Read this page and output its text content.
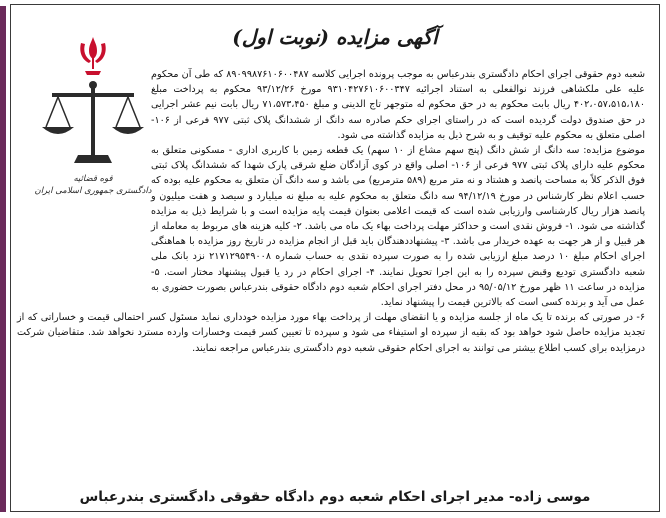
آگهی مزایده (نوبت اول)
قوه قضائیه
دادگستری جمهوری اسلامی ایران

شعبه دوم حقوقی اجرای احکام دادگستری بندرعباس به موجب پرونده اجرایی کلاسه ۸۹۰۹۹۸۷۶۱۰۶۰۰۴۸۷ که طی آن محکوم علیه علی ملکشاهی فرزند نوالفعلی به استناد اجرائیه ۹۳۱۰۴۲۷۶۱۰۶۰۰۳۴۷ مورخ ۹۳/۱۲/۲۶ محکوم به پرداخت مبلغ ۴۰۲،۰۵۷،۵۱۵،۱۸۰ ریال بابت محکوم به در حق محکوم له متوجهر تاج الدینی و مبلغ ۷۱،۵۷۳،۴۵۰ ریال بابت نیم عشر اجرایی در حق صندوق دولت گردیده است که در راستای اجرای حکم صادره سه دانگ از ششدانگ پلاک ثبتی ۹۷۷ فرعی از ۱۰۶- اصلی متعلق به محکوم علیه توقیف و به شرح ذیل به مزایده گذاشته می شود.

موضوع مزایده: سه دانگ از شش دانگ (پنج سهم مشاع از ۱۰ سهم) یک قطعه زمین با کاربری اداری - مسکونی متعلق به محکوم علیه دارای پلاک ثبتی ۹۷۷ فرعی از ۱۰۶- اصلی واقع در کوی آزادگان ضلع شرقی پارک شهدا که ششدانگ پلاک ثبتی فوق الذکر کلاً به مساحت پانصد و هشتاد و نه متر مربع (۵۸۹ مترمربع) می باشد و سه دانگ آن متعلق به محکوم علیه بوده که حسب اعلام نظر کارشناس در مورخ ۹۴/۱۲/۱۹ سه دانگ متعلق به محکوم علیه به مبلغ نه میلیارد و سیصد و هفت میلیون و پانصد هزار ریال کارشناسی وارزیابی شده است که قیمت اعلامی بعنوان قیمت پایه مزایده است و با شرایط ذیل به مزایده گذاشته می شود. ۱- فروش نقدی است و حداکثر مهلت پرداخت بهاء یک ماه می باشد. ۲- کلیه هزینه های مربوط به معامله از هر قبیل و از هر جهت به عهده خریدار می باشد. ۳- پیشنهاددهندگان باید قبل از انجام مزایده در تاریخ روز مزایده با هماهنگی اجرای احکام مبلغ ۱۰ درصد مبلغ ارزیابی شده را به صورت سپرده نقدی به حساب شماره ۲۱۷۱۲۹۵۴۹۰۰۸ نزد بانک ملی شعبه دادگستری تودیع وقبض سپرده را به این اجرا تحویل نمایند. ۴- اجرای احکام در رد یا قبول پیشنهاد مختار است. ۵- مزایده در ساعت ۱۱ ظهر مورخ ۹۵/۰۵/۱۲ در محل دفتر اجرای احکام شعبه دوم دادگاه حقوقی بندرعباس بصورت حضوری به عمل می آید و برنده کسی است که بالاترین قیمت را پیشنهاد نماید.

۶- در صورتی که برنده تا یک ماه از جلسه مزایده و یا انقضای مهلت از پرداخت بهاء مورد مزایده خودداری نماید مسئول کسر احتمالی قیمت و خساراتی که از تجدید مزایده حاصل شود خواهد بود که بقیه از سپرده او استیفاء می شود و سپرده تا تعیین کسر قیمت وخسارات وارده مسترد نخواهد شد. متقاضیان شرکت درمزایده برای کسب اطلاع بیشتر می توانند به اجرای احکام حقوقی شعبه دوم دادگستری بندرعباس مراجعه نمایند.

موسی زاده- مدیر اجرای احکام شعبه دوم دادگاه حقوقی دادگستری بندرعباس
